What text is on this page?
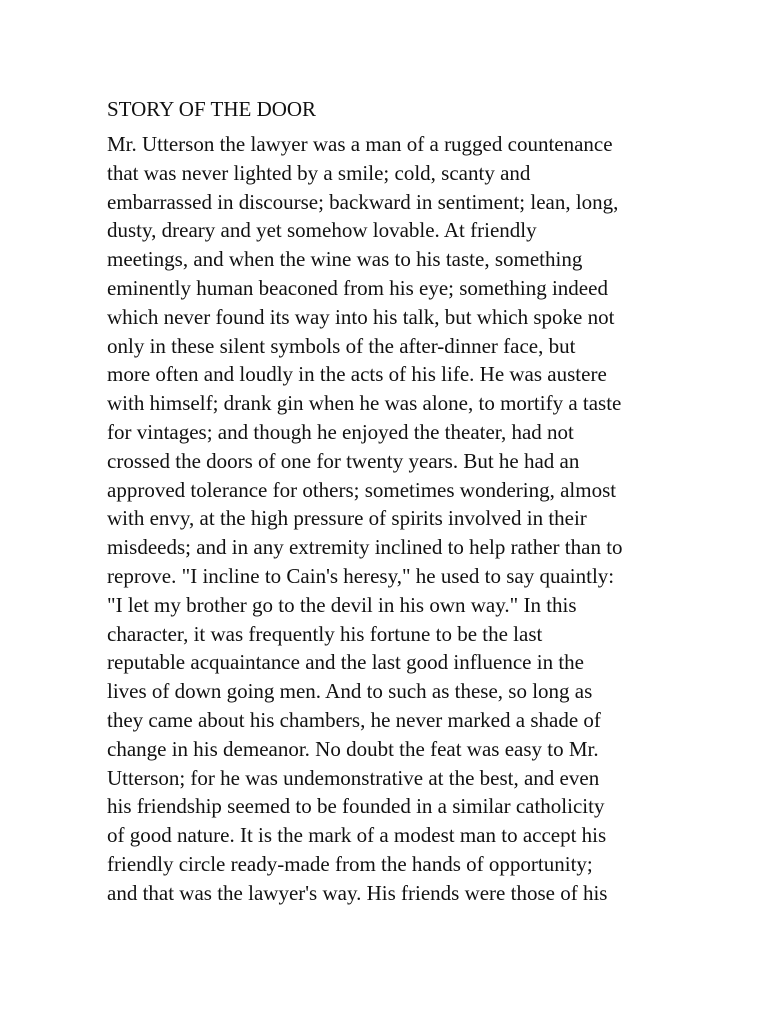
STORY OF THE DOOR
Mr. Utterson the lawyer was a man of a rugged countenance
that was never lighted by a smile; cold, scanty and
embarrassed in discourse; backward in sentiment; lean, long,
dusty, dreary and yet somehow lovable. At friendly
meetings, and when the wine was to his taste, something
eminently human beaconed from his eye; something indeed
which never found its way into his talk, but which spoke not
only in these silent symbols of the after-dinner face, but
more often and loudly in the acts of his life. He was austere
with himself; drank gin when he was alone, to mortify a taste
for vintages; and though he enjoyed the theater, had not
crossed the doors of one for twenty years. But he had an
approved tolerance for others; sometimes wondering, almost
with envy, at the high pressure of spirits involved in their
misdeeds; and in any extremity inclined to help rather than to
reprove. "I incline to Cain's heresy," he used to say quaintly:
"I let my brother go to the devil in his own way." In this
character, it was frequently his fortune to be the last
reputable acquaintance and the last good influence in the
lives of down going men. And to such as these, so long as
they came about his chambers, he never marked a shade of
change in his demeanor. No doubt the feat was easy to Mr.
Utterson; for he was undemonstrative at the best, and even
his friendship seemed to be founded in a similar catholicity
of good nature. It is the mark of a modest man to accept his
friendly circle ready-made from the hands of opportunity;
and that was the lawyer's way. His friends were those of his
